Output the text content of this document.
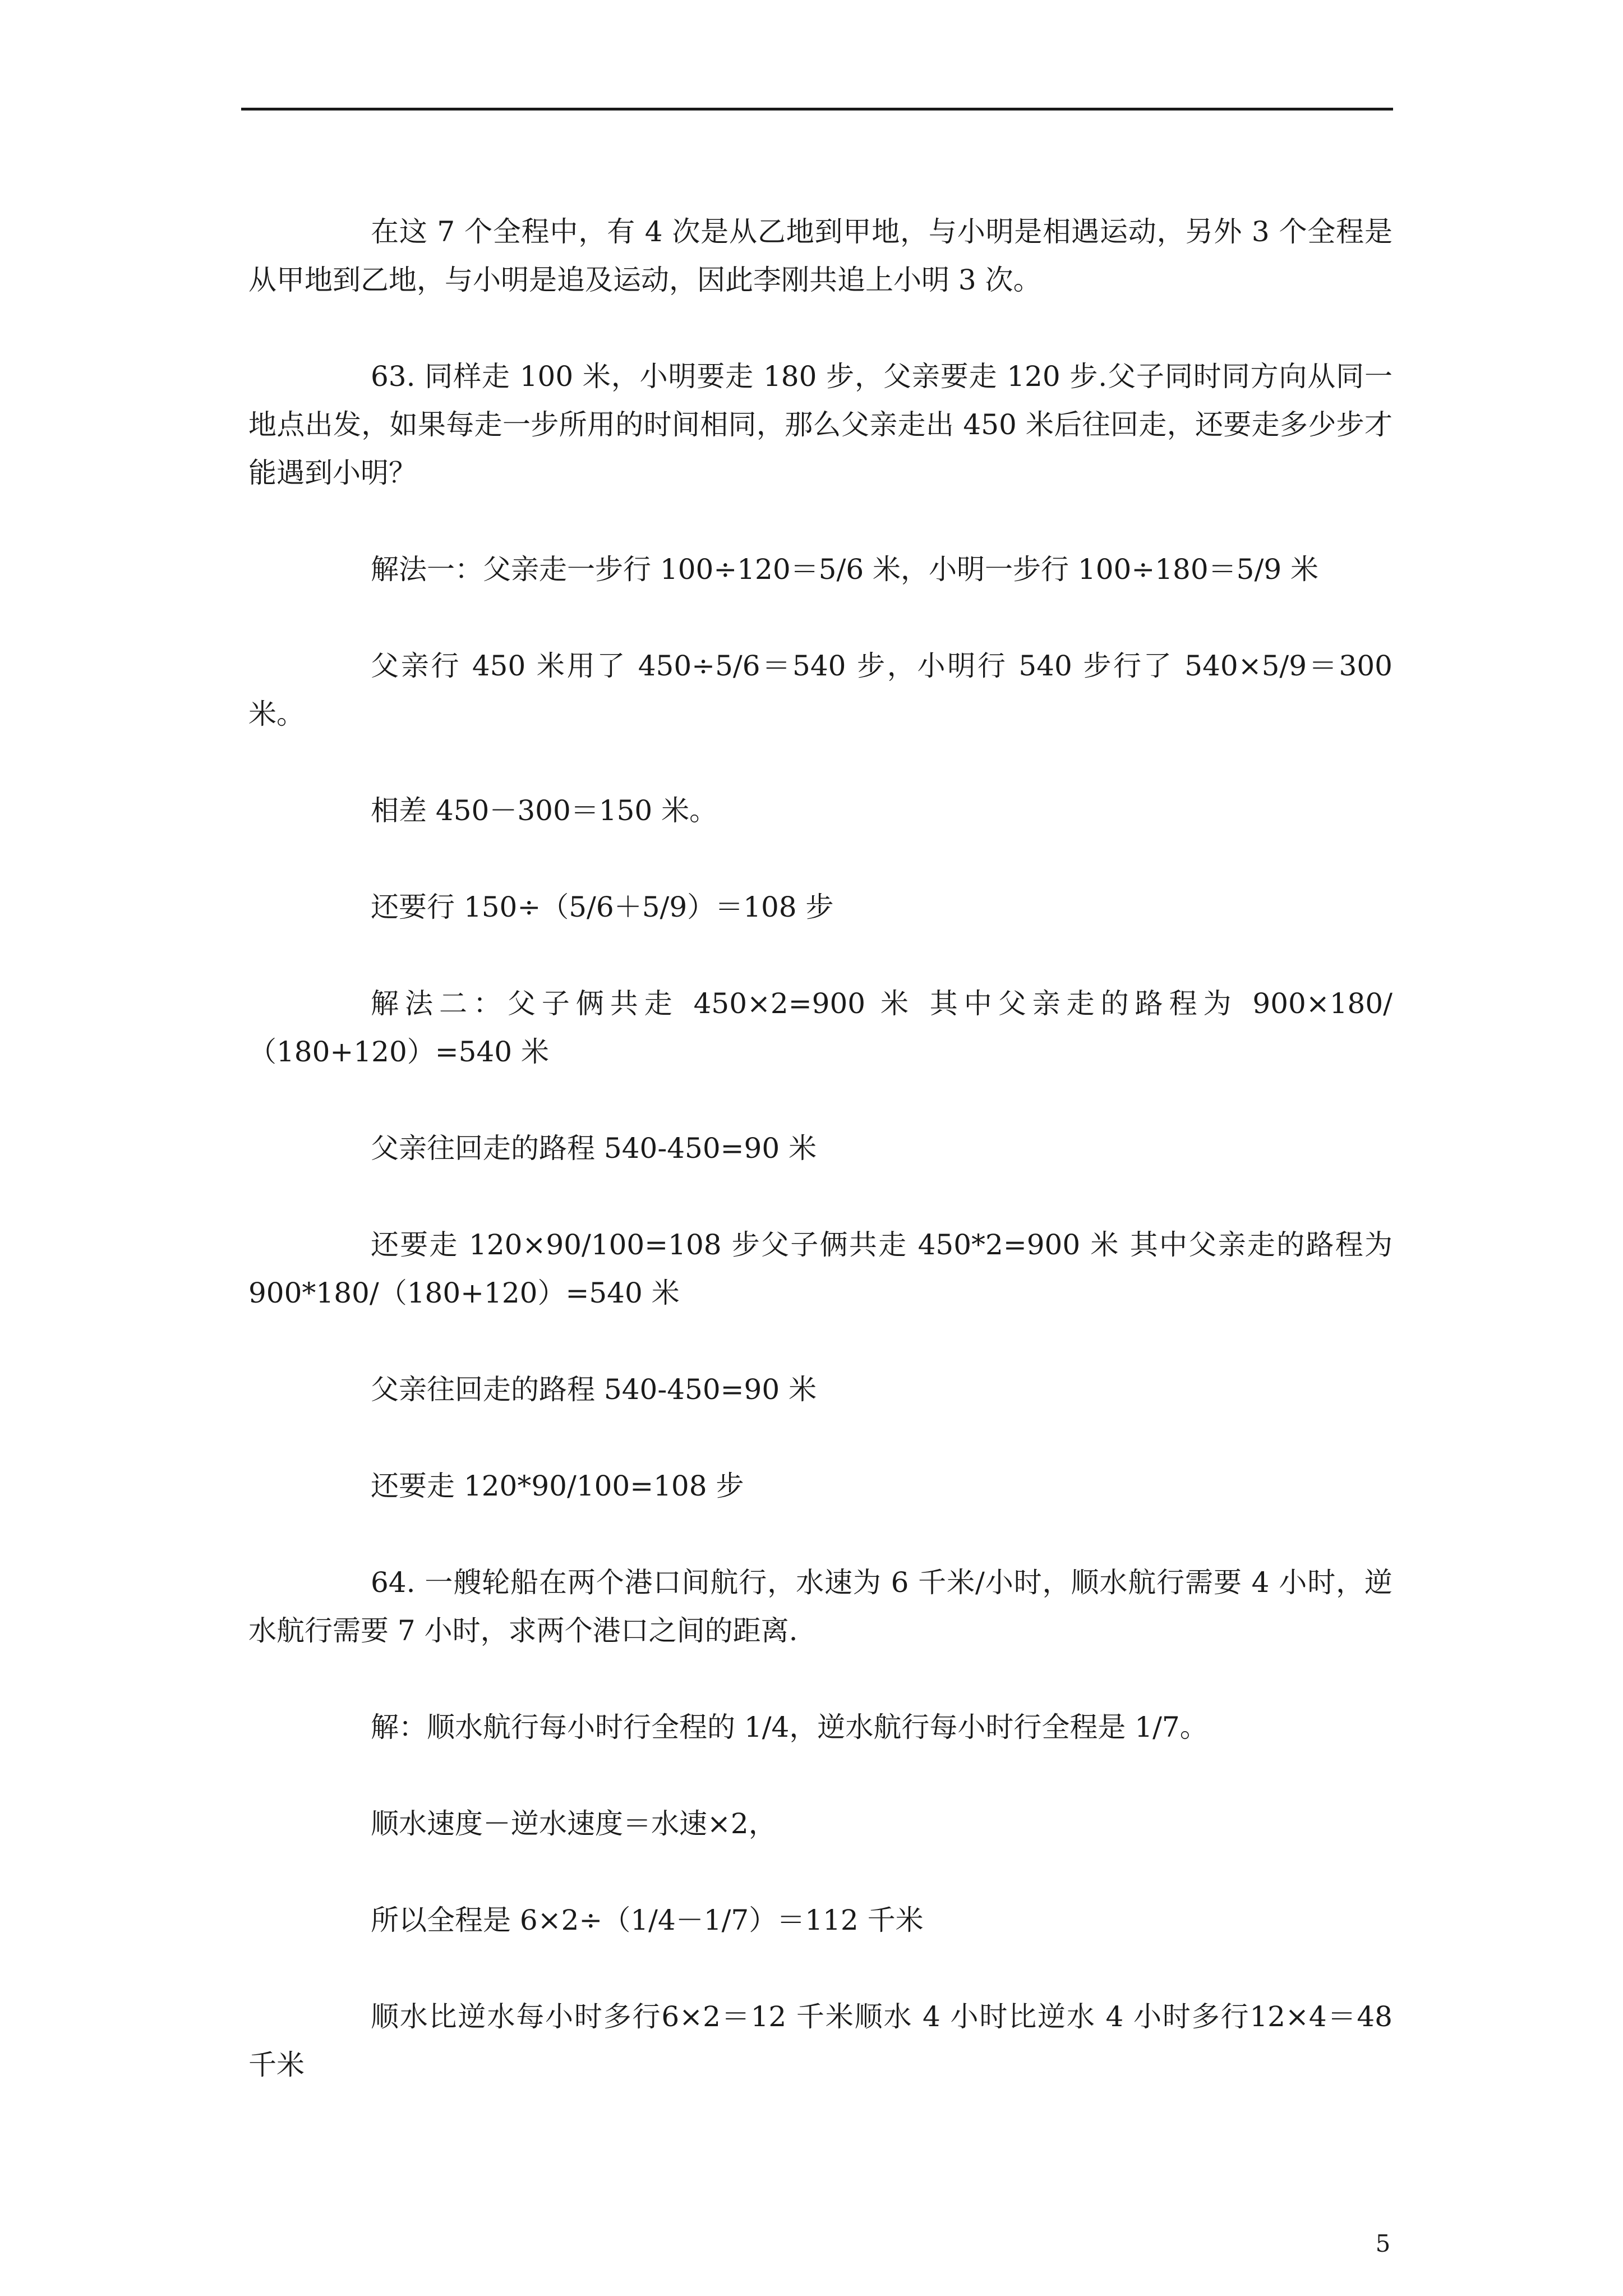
在这 7 个全程中，有 4 次是从乙地到甲地，与小明是相遇运动，另外 3 个全程是从甲地到乙地，与小明是追及运动，因此李刚共追上小明 3 次。

63. 同样走 100 米，小明要走 180 步，父亲要走 120 步.父子同时同方向从同一地点出发，如果每走一步所用的时间相同，那么父亲走出 450 米后往回走，还要走多少步才能遇到小明？

解法一：父亲走一步行 100÷120＝5/6 米，小明一步行 100÷180＝5/9 米

父亲行 450 米用了 450÷5/6＝540 步，小明行 540 步行了 540×5/9＝300 米。

相差 450－300＝150 米。

还要行 150÷（5/6＋5/9）＝108 步

解法二：父子俩共走 450×2=900 米 其中父亲走的路程为 900×180/（180+120）=540 米

父亲往回走的路程 540-450=90 米

还要走 120×90/100=108 步父子俩共走 450*2=900 米 其中父亲走的路程为 900*180/（180+120）=540 米

父亲往回走的路程 540-450=90 米

还要走 120*90/100=108 步

64. 一艘轮船在两个港口间航行，水速为 6 千米/小时，顺水航行需要 4 小时，逆水航行需要 7 小时，求两个港口之间的距离.

解：顺水航行每小时行全程的 1/4，逆水航行每小时行全程是 1/7。

顺水速度－逆水速度＝水速×2，

所以全程是 6×2÷（1/4－1/7）＝112 千米

顺水比逆水每小时多行6×2＝12 千米顺水 4 小时比逆水 4 小时多行12×4＝48 千米

5
